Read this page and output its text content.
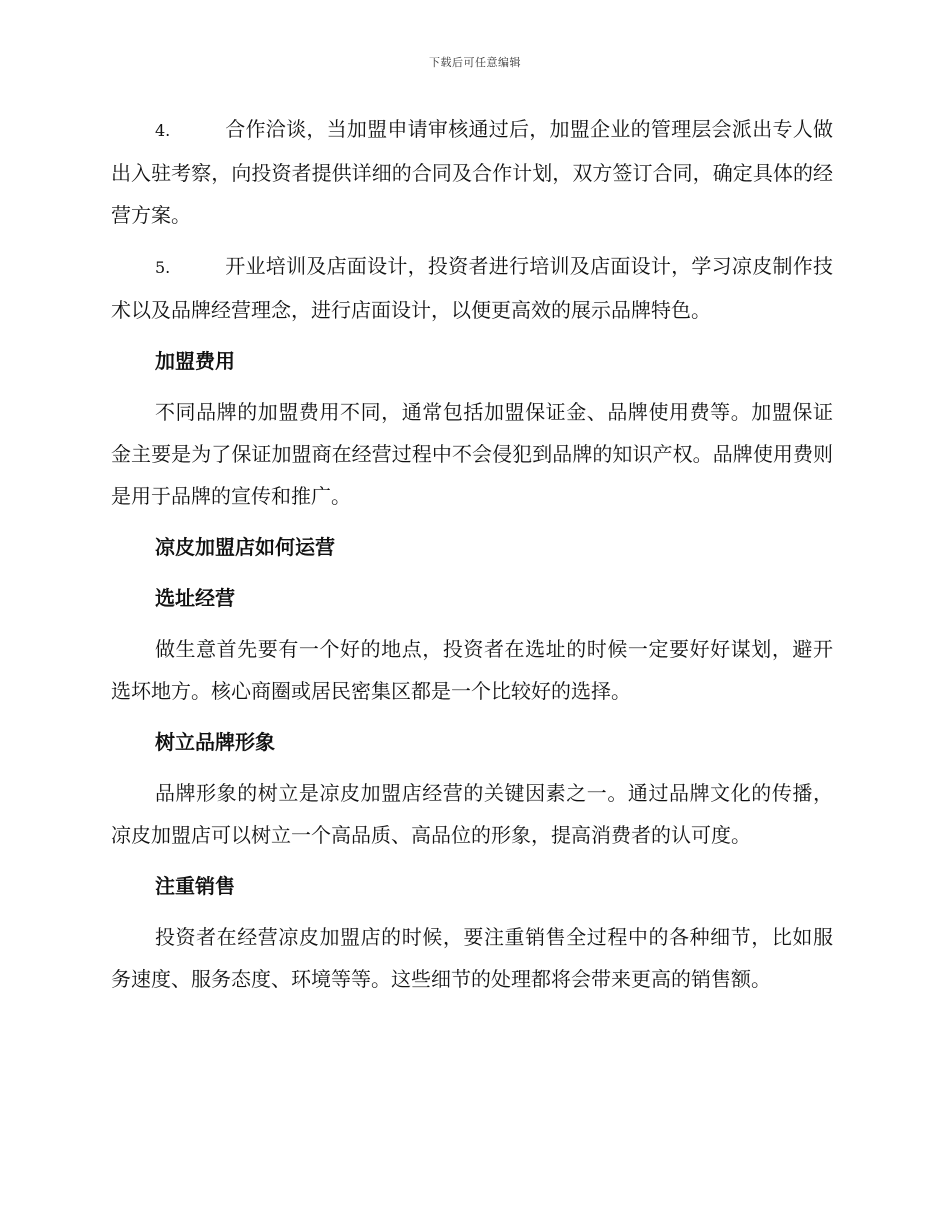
下载后可任意编辑

4.	合作洽谈，当加盟申请审核通过后，加盟企业的管理层会派出专人做出入驻考察，向投资者提供详细的合同及合作计划，双方签订合同，确定具体的经营方案。

5.	开业培训及店面设计，投资者进行培训及店面设计，学习凉皮制作技术以及品牌经营理念，进行店面设计，以便更高效的展示品牌特色。

加盟费用

不同品牌的加盟费用不同，通常包括加盟保证金、品牌使用费等。加盟保证金主要是为了保证加盟商在经营过程中不会侵犯到品牌的知识产权。品牌使用费则是用于品牌的宣传和推广。

凉皮加盟店如何运营
选址经营

做生意首先要有一个好的地点，投资者在选址的时候一定要好好谋划，避开选坏地方。核心商圈或居民密集区都是一个比较好的选择。

树立品牌形象

品牌形象的树立是凉皮加盟店经营的关键因素之一。通过品牌文化的传播，凉皮加盟店可以树立一个高品质、高品位的形象，提高消费者的认可度。

注重销售

投资者在经营凉皮加盟店的时候，要注重销售全过程中的各种细节，比如服务速度、服务态度、环境等等。这些细节的处理都将会带来更高的销售额。
